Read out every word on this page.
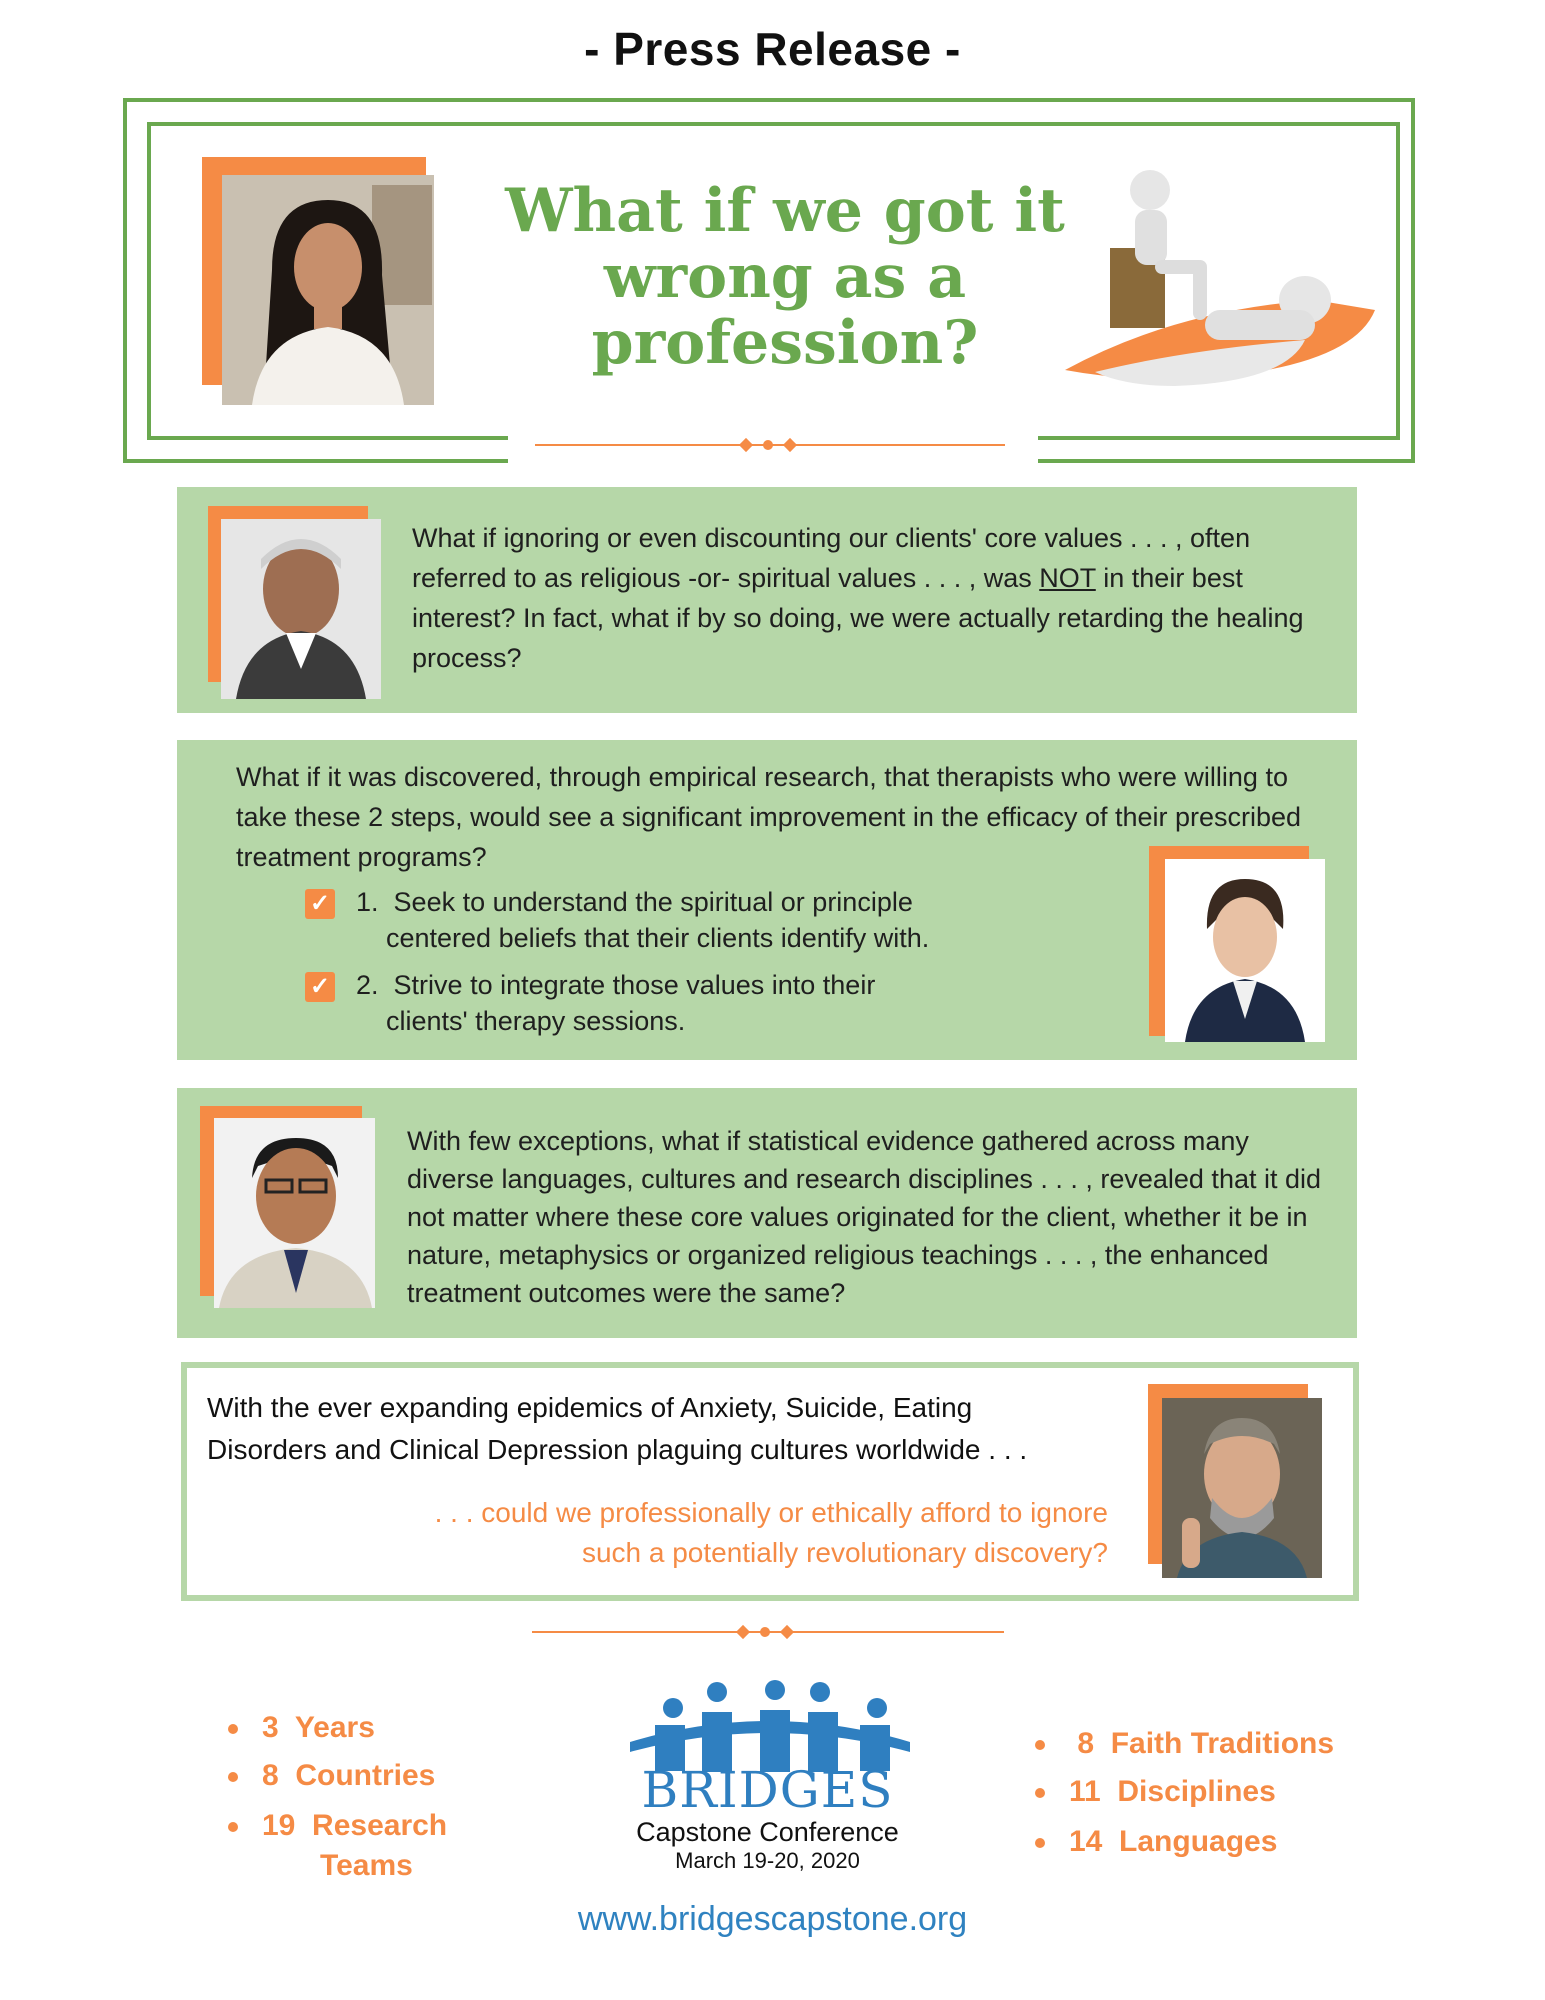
- Press Release -
What if we got it wrong as a profession?
What if ignoring or even discounting our clients' core values . . . , often referred to as religious -or- spiritual values . . . , was NOT in their best interest? In fact, what if by so doing, we were actually retarding the healing process?
What if it was discovered, through empirical research, that therapists who were willing to take these 2 steps, would see a significant improvement in the efficacy of their prescribed treatment programs?
✓ 1. Seek to understand the spiritual or principle
centered beliefs that their clients identify with.
✓ 2. Strive to integrate those values into their
clients' therapy sessions.
With few exceptions, what if statistical evidence gathered across many diverse languages, cultures and research disciplines . . . , revealed that it did not matter where these core values originated for the client, whether it be in nature, metaphysics or organized religious teachings . . . , the enhanced treatment outcomes were the same?
With the ever expanding epidemics of Anxiety, Suicide, Eating
Disorders and Clinical Depression plaguing cultures worldwide . . .
. . . could we professionally or ethically afford to ignore
such a potentially revolutionary discovery?
3 Years
8 Countries
19 Research
Teams
BRIDGES
Capstone Conference
March 19-20, 2020
8 Faith Traditions
11 Disciplines
14 Languages
www.bridgescapstone.org
